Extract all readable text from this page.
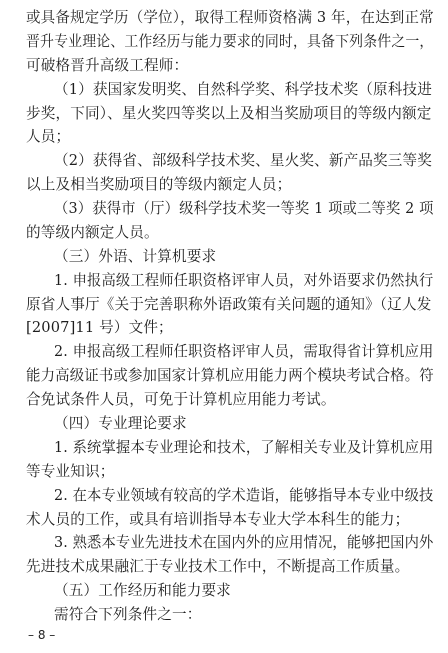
或具备规定学历（学位），取得工程师资格满 3 年，在达到正常
晋升专业理论、工作经历与能力要求的同时，具备下列条件之一，
可破格晋升高级工程师：
（1）获国家发明奖、自然科学奖、科学技术奖（原科技进
步奖，下同）、星火奖四等奖以上及相当奖励项目的等级内额定
人员；
（2）获得省、部级科学技术奖、星火奖、新产品奖三等奖
以上及相当奖励项目的等级内额定人员；
（3）获得市（厅）级科学技术奖一等奖 1 项或二等奖 2 项
的等级内额定人员。
（三）外语、计算机要求
1. 申报高级工程师任职资格评审人员，对外语要求仍然执行
原省人事厅《关于完善职称外语政策有关问题的通知》（辽人发
[2007]11 号）文件；
2. 申报高级工程师任职资格评审人员，需取得省计算机应用
能力高级证书或参加国家计算机应用能力两个模块考试合格。符
合免试条件人员，可免于计算机应用能力考试。
（四）专业理论要求
1. 系统掌握本专业理论和技术，了解相关专业及计算机应用
等专业知识；
2. 在本专业领域有较高的学术造诣，能够指导本专业中级技
术人员的工作，或具有培训指导本专业大学本科生的能力；
3. 熟悉本专业先进技术在国内外的应用情况，能够把国内外
先进技术成果融汇于专业技术工作中，不断提高工作质量。
（五）工作经历和能力要求
需符合下列条件之一：
– 8 –
